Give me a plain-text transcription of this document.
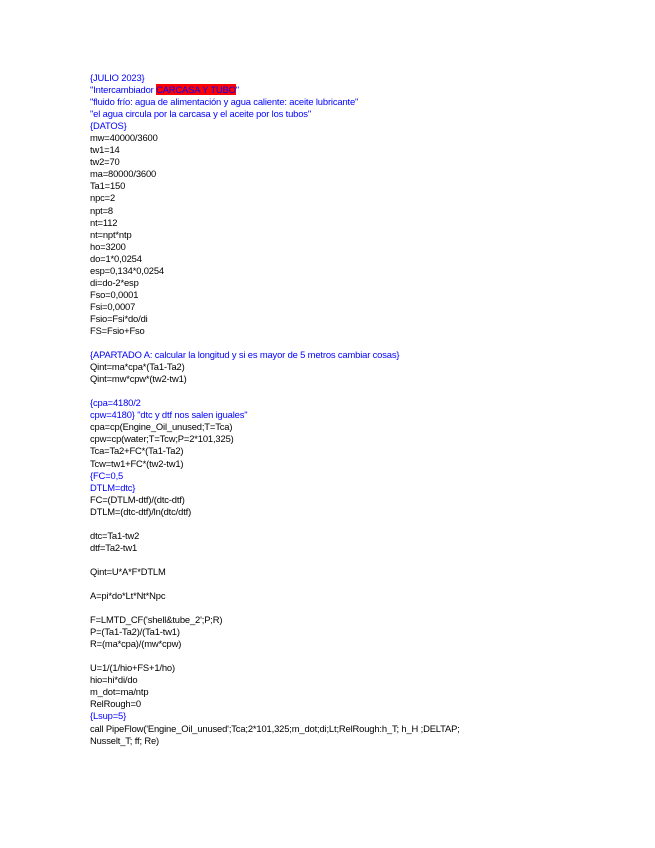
{JULIO 2023}
"Intercambiador CARCASA Y TUBO"
"fluido frío: agua de alimentación y agua caliente: aceite lubricante"
"el agua circula por la carcasa y el aceite por los tubos"
{DATOS}
mw=40000/3600
tw1=14
tw2=70
ma=80000/3600
Ta1=150
npc=2
npt=8
nt=112
nt=npt*ntp
ho=3200
do=1*0,0254
esp=0,134*0,0254
di=do-2*esp
Fso=0,0001
Fsi=0,0007
Fsio=Fsi*do/di
FS=Fsio+Fso
{APARTADO A: calcular la longitud y si es mayor de 5 metros cambiar cosas}
Qint=ma*cpa*(Ta1-Ta2)
Qint=mw*cpw*(tw2-tw1)
{cpa=4180/2
cpw=4180} "dtc y dtf nos salen iguales"
cpa=cp(Engine_Oil_unused;T=Tca)
cpw=cp(water;T=Tcw;P=2*101,325)
Tca=Ta2+FC*(Ta1-Ta2)
Tcw=tw1+FC*(tw2-tw1)
{FC=0,5
DTLM=dtc}
FC=(DTLM-dtf)/(dtc-dtf)
DTLM=(dtc-dtf)/ln(dtc/dtf)
dtc=Ta1-tw2
dtf=Ta2-tw1
Qint=U*A*F*DTLM
A=pi*do*Lt*Nt*Npc
F=LMTD_CF('shell&tube_2';P;R)
P=(Ta1-Ta2)/(Ta1-tw1)
R=(ma*cpa)/(mw*cpw)
U=1/(1/hio+FS+1/ho)
hio=hi*di/do
m_dot=ma/ntp
RelRough=0
{Lsup=5}
call PipeFlow('Engine_Oil_unused';Tca;2*101,325;m_dot;di;Lt;RelRough:h_T; h_H ;DELTAP;
Nusselt_T; ff; Re)
